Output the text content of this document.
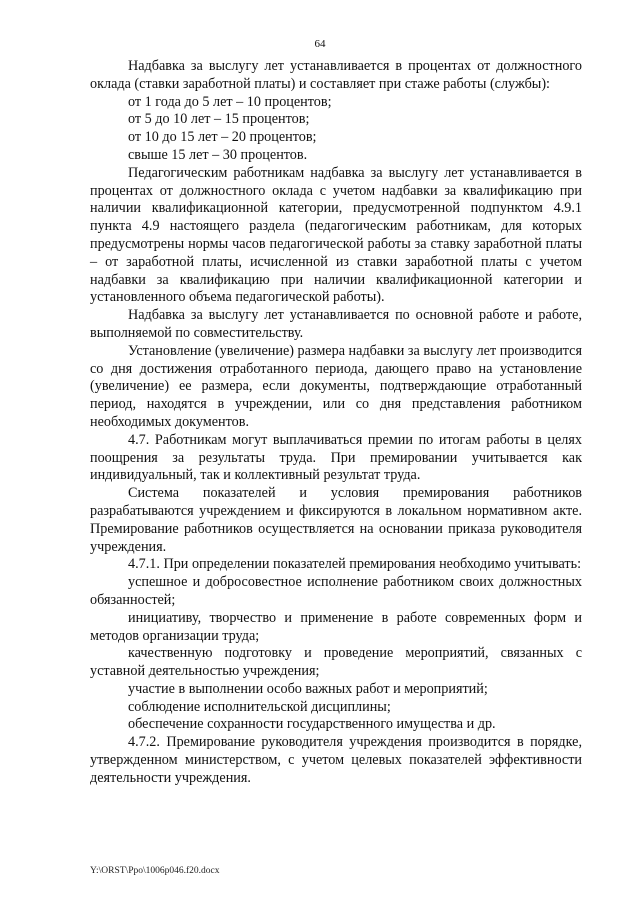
64

Надбавка за выслугу лет устанавливается в процентах от должностного оклада (ставки заработной платы) и составляет при стаже работы (службы):

от 1 года до 5 лет – 10 процентов;

от 5 до 10 лет – 15 процентов;

от 10 до 15 лет – 20 процентов;

свыше 15 лет – 30 процентов.

Педагогическим работникам надбавка за выслугу лет устанавливается в процентах от должностного оклада с учетом надбавки за квалификацию при наличии квалификационной категории, предусмотренной подпунктом 4.9.1 пункта 4.9 настоящего раздела (педагогическим работникам, для которых предусмотрены нормы часов педагогической работы за ставку заработной платы – от заработной платы, исчисленной из ставки заработной платы с учетом надбавки за квалификацию при наличии квалификационной категории и установленного объема педагогической работы).

Надбавка за выслугу лет устанавливается по основной работе и работе, выполняемой по совместительству.

Установление (увеличение) размера надбавки за выслугу лет производится со дня достижения отработанного периода, дающего право на установление (увеличение) ее размера, если документы, подтверждающие отработанный период, находятся в учреждении, или со дня представления работником необходимых документов.

4.7. Работникам могут выплачиваться премии по итогам работы в целях поощрения за результаты труда. При премировании учитывается как индивидуальный, так и коллективный результат труда.

Система показателей и условия премирования работников разрабатываются учреждением и фиксируются в локальном нормативном акте. Премирование работников осуществляется на основании приказа руководителя учреждения.

4.7.1. При определении показателей премирования необходимо учитывать:

успешное и добросовестное исполнение работником своих должностных обязанностей;

инициативу, творчество и применение в работе современных форм и методов организации труда;

качественную подготовку и проведение мероприятий, связанных с уставной деятельностью учреждения;

участие в выполнении особо важных работ и мероприятий;

соблюдение исполнительской дисциплины;

обеспечение сохранности государственного имущества и др.

4.7.2. Премирование руководителя учреждения производится в порядке, утвержденном министерством, с учетом целевых показателей эффективности деятельности учреждения.

Y:\ORST\Ppo\1006p046.f20.docx
